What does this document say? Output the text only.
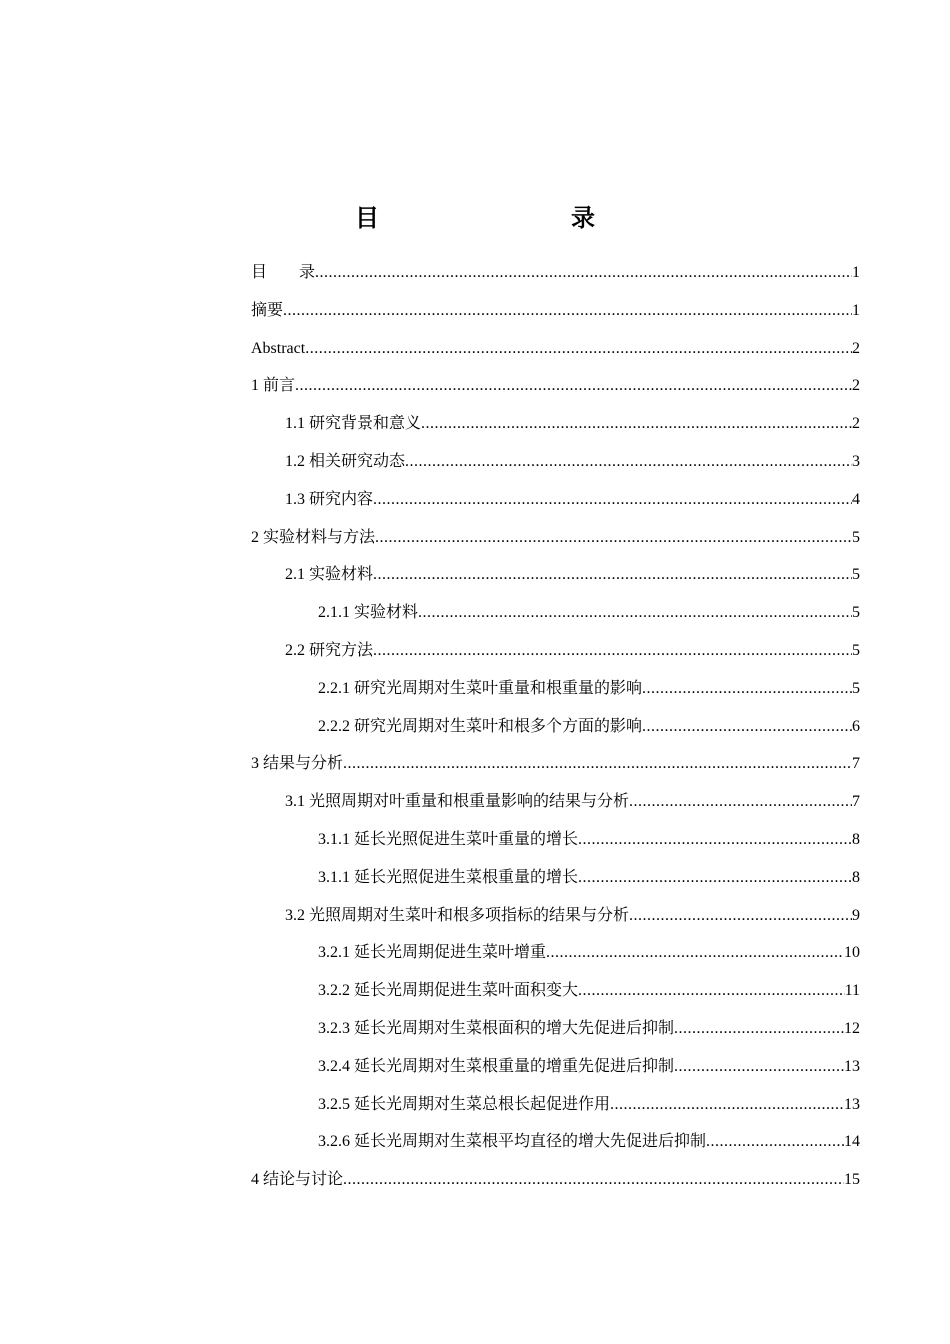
目　　录
目　　录 .....	1
摘要 .....	1
Abstract .....	2
1 前言 .....	2
1.1 研究背景和意义 .....	2
1.2 相关研究动态 .....	3
1.3 研究内容 .....	4
2 实验材料与方法 .....	5
2.1 实验材料 .....	5
2.1.1 实验材料 .....	5
2.2 研究方法 .....	5
2.2.1 研究光周期对生菜叶重量和根重量的影响 .....	5
2.2.2 研究光周期对生菜叶和根多个方面的影响 .....	6
3 结果与分析 .....	7
3.1 光照周期对叶重量和根重量影响的结果与分析 .....	7
3.1.1 延长光照促进生菜叶重量的增长 .....	8
3.1.1 延长光照促进生菜根重量的增长 .....	8
3.2 光照周期对生菜叶和根多项指标的结果与分析 .....	9
3.2.1 延长光周期促进生菜叶增重 .....	10
3.2.2 延长光周期促进生菜叶面积变大 .....	11
3.2.3 延长光周期对生菜根面积的增大先促进后抑制 .....	12
3.2.4 延长光周期对生菜根重量的增重先促进后抑制 .....	13
3.2.5 延长光周期对生菜总根长起促进作用 .....	13
3.2.6 延长光周期对生菜根平均直径的增大先促进后抑制 .....	14
4 结论与讨论 .....	15
